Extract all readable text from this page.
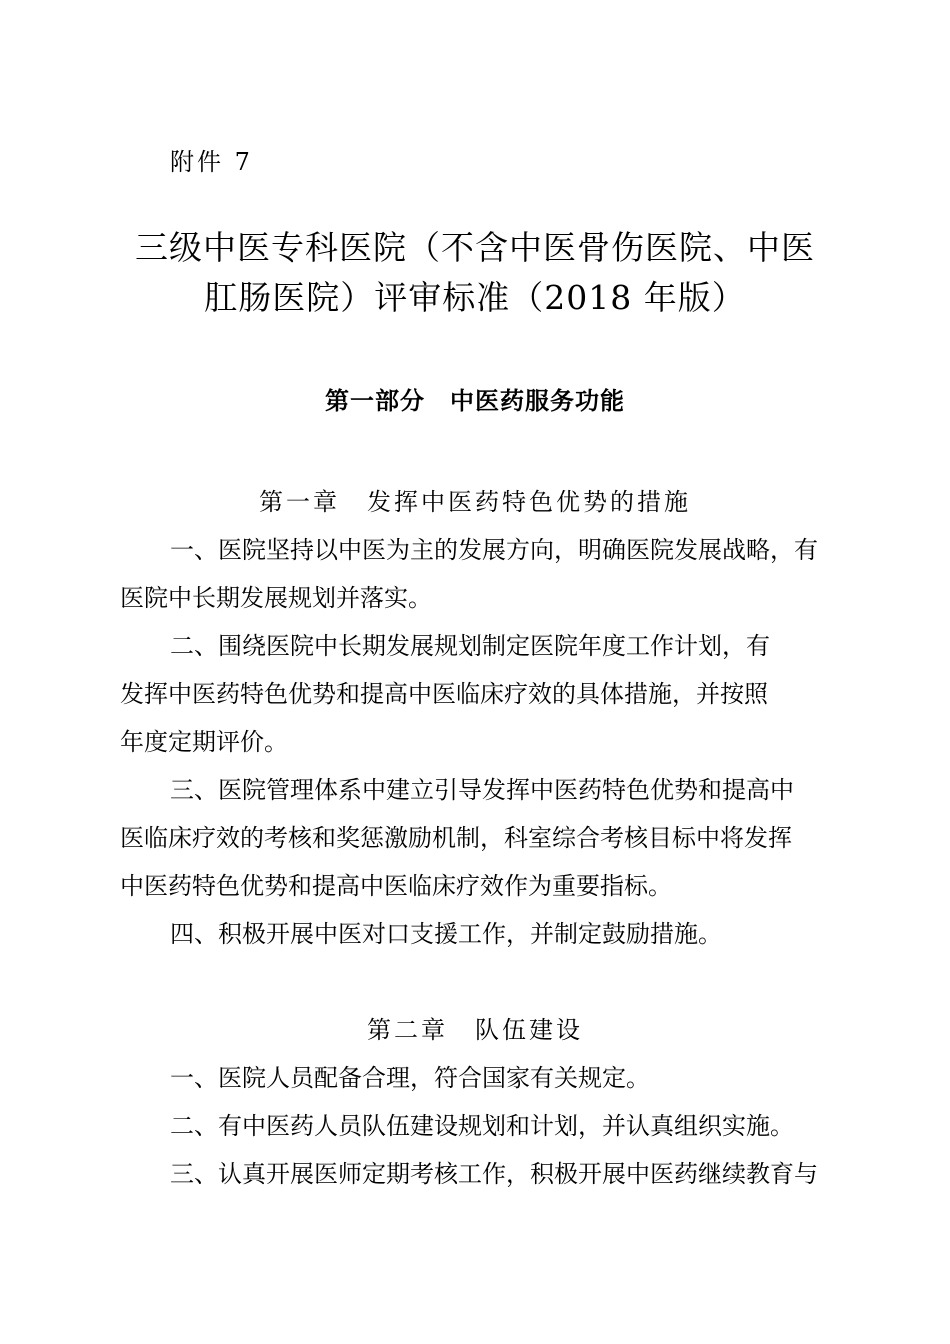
附件 7
三级中医专科医院（不含中医骨伤医院、中医
肛肠医院）评审标准（2018 年版）
第一部分　中医药服务功能
第一章　发挥中医药特色优势的措施
一、医院坚持以中医为主的发展方向，明确医院发展战略，有
医院中长期发展规划并落实。
二、围绕医院中长期发展规划制定医院年度工作计划，有
发挥中医药特色优势和提高中医临床疗效的具体措施，并按照
年度定期评价。
三、医院管理体系中建立引导发挥中医药特色优势和提高中
医临床疗效的考核和奖惩激励机制，科室综合考核目标中将发挥
中医药特色优势和提高中医临床疗效作为重要指标。
四、积极开展中医对口支援工作，并制定鼓励措施。
第二章　队伍建设
一、医院人员配备合理，符合国家有关规定。
二、有中医药人员队伍建设规划和计划，并认真组织实施。
三、认真开展医师定期考核工作，积极开展中医药继续教育与
